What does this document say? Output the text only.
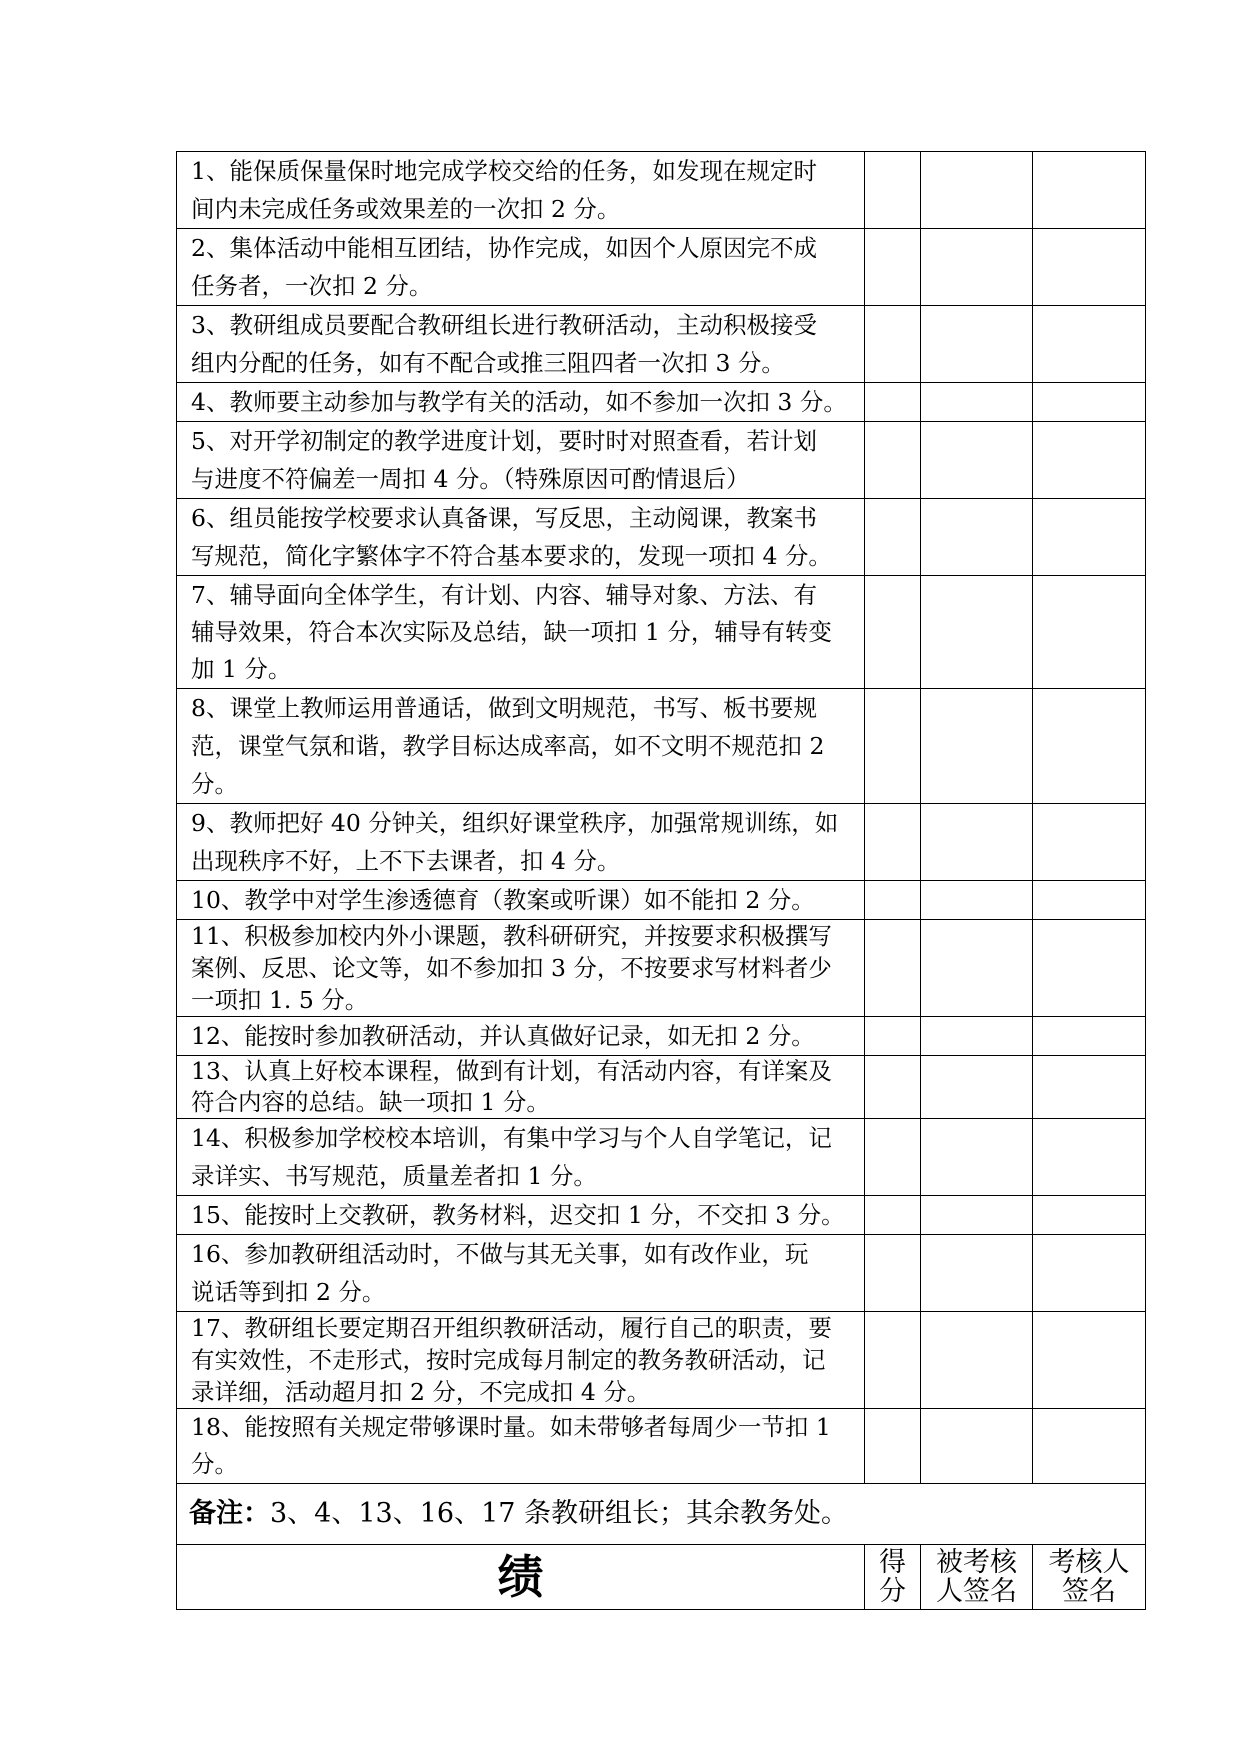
1、能保质保量保时地完成学校交给的任务，如发现在规定时
间内未完成任务或效果差的一次扣 2 分。			

2、集体活动中能相互团结，协作完成，如因个人原因完不成
任务者，一次扣 2 分。			

3、教研组成员要配合教研组长进行教研活动，主动积极接受
组内分配的任务，如有不配合或推三阻四者一次扣 3 分。			

4、教师要主动参加与教学有关的活动，如不参加一次扣 3 分。			

5、对开学初制定的教学进度计划，要时时对照查看，若计划
与进度不符偏差一周扣 4 分。（特殊原因可酌情退后）			

6、组员能按学校要求认真备课，写反思，主动阅课，教案书
写规范，简化字繁体字不符合基本要求的，发现一项扣 4 分。			

7、辅导面向全体学生，有计划、内容、辅导对象、方法、有
辅导效果，符合本次实际及总结，缺一项扣 1 分，辅导有转变
加 1 分。			

8、课堂上教师运用普通话，做到文明规范，书写、板书要规
范，课堂气氛和谐，教学目标达成率高，如不文明不规范扣 2
分。			

9、教师把好 40 分钟关，组织好课堂秩序，加强常规训练，如
出现秩序不好，上不下去课者，扣 4 分。			

10、教学中对学生渗透德育（教案或听课）如不能扣 2 分。			

11、积极参加校内外小课题，教科研研究，并按要求积极撰写
案例、反思、论文等，如不参加扣 3 分，不按要求写材料者少
一项扣 1. 5 分。			

12、能按时参加教研活动，并认真做好记录，如无扣 2 分。			

13、认真上好校本课程，做到有计划，有活动内容，有详案及
符合内容的总结。缺一项扣 1 分。			

14、积极参加学校校本培训，有集中学习与个人自学笔记，记
录详实、书写规范，质量差者扣 1 分。			

15、能按时上交教研，教务材料，迟交扣 1 分，不交扣 3 分。			

16、参加教研组活动时，不做与其无关事，如有改作业，玩
说话等到扣 2 分。			

17、教研组长要定期召开组织教研活动，履行自己的职责，要
有实效性，不走形式，按时完成每月制定的教务教研活动，记
录详细，活动超月扣 2 分，不完成扣 4 分。			

18、能按照有关规定带够课时量。如未带够者每周少一节扣 1
分。			

备注：3、4、13、16、17 条教研组长；其余教务处。			
绩	得分	被考核人签名	考核人签名
